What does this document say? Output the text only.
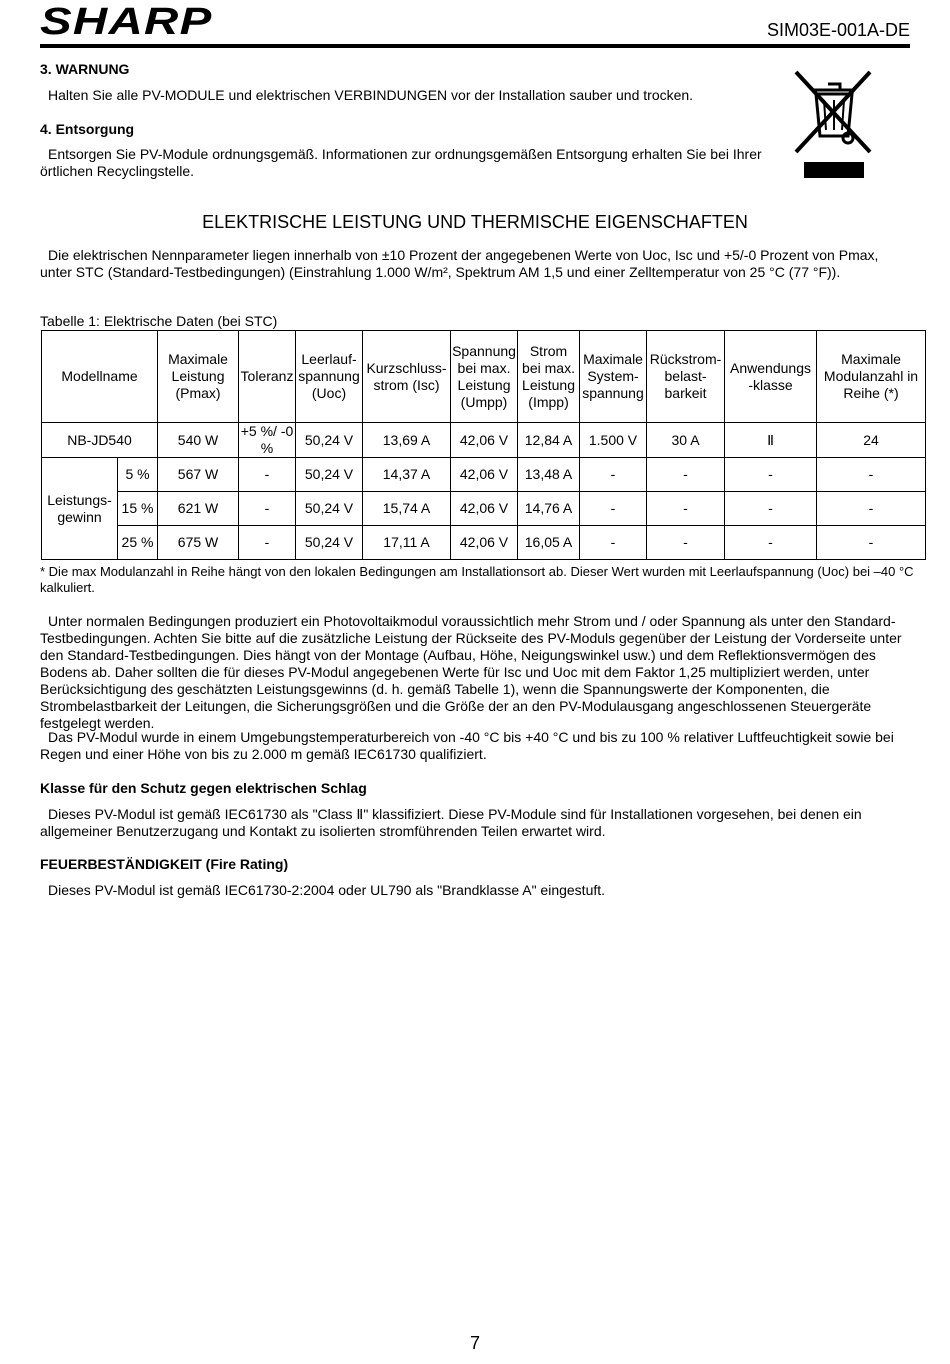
SHARP	SIM03E-001A-DE
3. WARNUNG
Halten Sie alle PV-MODULE und elektrischen VERBINDUNGEN vor der Installation sauber und trocken.
4. Entsorgung
Entsorgen Sie PV-Module ordnungsgemäß. Informationen zur ordnungsgemäßen Entsorgung erhalten Sie bei Ihrer örtlichen Recyclingstelle.
ELEKTRISCHE LEISTUNG UND THERMISCHE EIGENSCHAFTEN
Die elektrischen Nennparameter liegen innerhalb von ±10 Prozent der angegebenen Werte von Uoc, Isc und +5/-0 Prozent von Pmax, unter STC (Standard-Testbedingungen) (Einstrahlung 1.000 W/m², Spektrum AM 1,5 und einer Zelltemperatur von 25 °C (77 °F)).
Tabelle 1: Elektrische Daten (bei STC)
Modellname		Maximale Leistung (Pmax)	Toleranz	Leerlauf-spannung (Uoc)	Kurzschluss-strom (Isc)	Spannung bei max. Leistung (Umpp)	Strom bei max. Leistung (Impp)	Maximale System-spannung	Rückstrom-belast-barkeit	Anwendungs -klasse	Maximale Modulanzahl in Reihe (*)
NB-JD540		540 W	+5 %/ -0 %	50,24 V	13,69 A	42,06 V	12,84 A	1.500 V	30 A	Ⅱ	24
Leistungs-gewinn	5 %	567 W	-	50,24 V	14,37 A	42,06 V	13,48 A	-	-	-	-
	15 %	621 W	-	50,24 V	15,74 A	42,06 V	14,76 A	-	-	-	-
	25 %	675 W	-	50,24 V	17,11 A	42,06 V	16,05 A	-	-	-	-
* Die max Modulanzahl in Reihe hängt von den lokalen Bedingungen am Installationsort ab. Dieser Wert wurden mit Leerlaufspannung (Uoc) bei –40 °C kalkuliert.
Unter normalen Bedingungen produziert ein Photovoltaikmodul voraussichtlich mehr Strom und / oder Spannung als unter den Standard-Testbedingungen. Achten Sie bitte auf die zusätzliche Leistung der Rückseite des PV-Moduls gegenüber der Leistung der Vorderseite unter den Standard-Testbedingungen. Dies hängt von der Montage (Aufbau, Höhe, Neigungswinkel usw.) und dem Reflektionsvermögen des Bodens ab. Daher sollten die für dieses PV-Modul angegebenen Werte für Isc und Uoc mit dem Faktor 1,25 multipliziert werden, unter Berücksichtigung des geschätzten Leistungsgewinns (d. h. gemäß Tabelle 1), wenn die Spannungswerte der Komponenten, die Strombelastbarkeit der Leitungen, die Sicherungsgrößen und die Größe der an den PV-Modulausgang angeschlossenen Steuergeräte festgelegt werden.
Das PV-Modul wurde in einem Umgebungstemperaturbereich von -40 °C bis +40 °C und bis zu 100 % relativer Luftfeuchtigkeit sowie bei Regen und einer Höhe von bis zu 2.000 m gemäß IEC61730 qualifiziert.
Klasse für den Schutz gegen elektrischen Schlag
Dieses PV-Modul ist gemäß IEC61730 als "Class Ⅱ" klassifiziert. Diese PV-Module sind für Installationen vorgesehen, bei denen ein allgemeiner Benutzerzugang und Kontakt zu isolierten stromführenden Teilen erwartet wird.
FEUERBESTÄNDIGKEIT (Fire Rating)
Dieses PV-Modul ist gemäß IEC61730-2:2004 oder UL790 als "Brandklasse A" eingestuft.
7
